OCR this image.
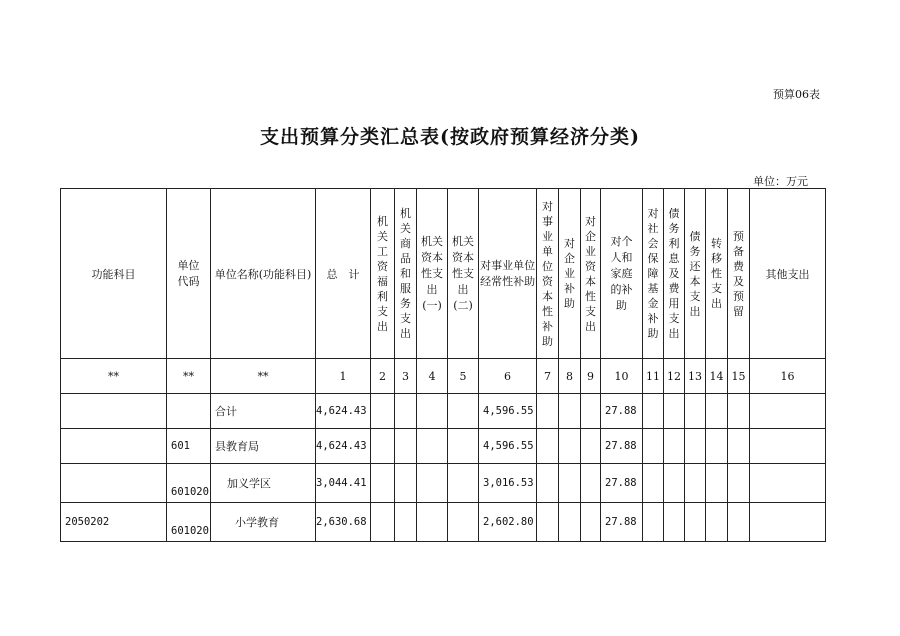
预算06表
支出预算分类汇总表(按政府预算经济分类)
单位：万元
功能科目	单位代码	单位名称(功能科目)	总　计	机关工资福利支出	机关商品和服务支出	机关资本性支出(一)	机关资本性支出(二)	对事业单位经常性补助	对事业单位资本性补助	对企业补助	对企业资本性支出	对个人和家庭的补助	对社会保障基金补助	债务利息及费用支出	债务还本支出	转移性支出	预备费及预留	其他支出
**	**	**	1	2	3	4	5	6	7	8	9	10	11	12	13	14	15	16
		合计	4,624.43					4,596.55				27.88						
	601	县教育局	4,624.43					4,596.55				27.88						
	601020	加义学区	3,044.41					3,016.53				27.88						
2050202	601020	小学教育	2,630.68					2,602.80				27.88						
